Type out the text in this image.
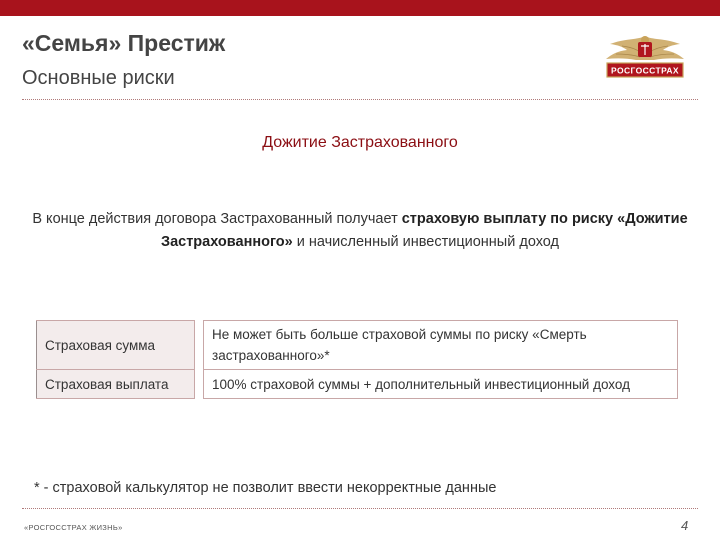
«Семья» Престиж
Основные риски	РОСГОССТРАХ
Дожитие Застрахованного
В конце действия договора Застрахованный получает страховую выплату по риску «Дожитие Застрахованного» и начисленный инвестиционный доход
Страховая сумма		Не может быть больше страховой суммы по риску «Смерть застрахованного»*
Страховая выплата		100% страховой суммы + дополнительный инвестиционный доход
* - страховой калькулятор не позволит ввести некорректные данные
«РОСГОССТРАХ ЖИЗНЬ»	4
